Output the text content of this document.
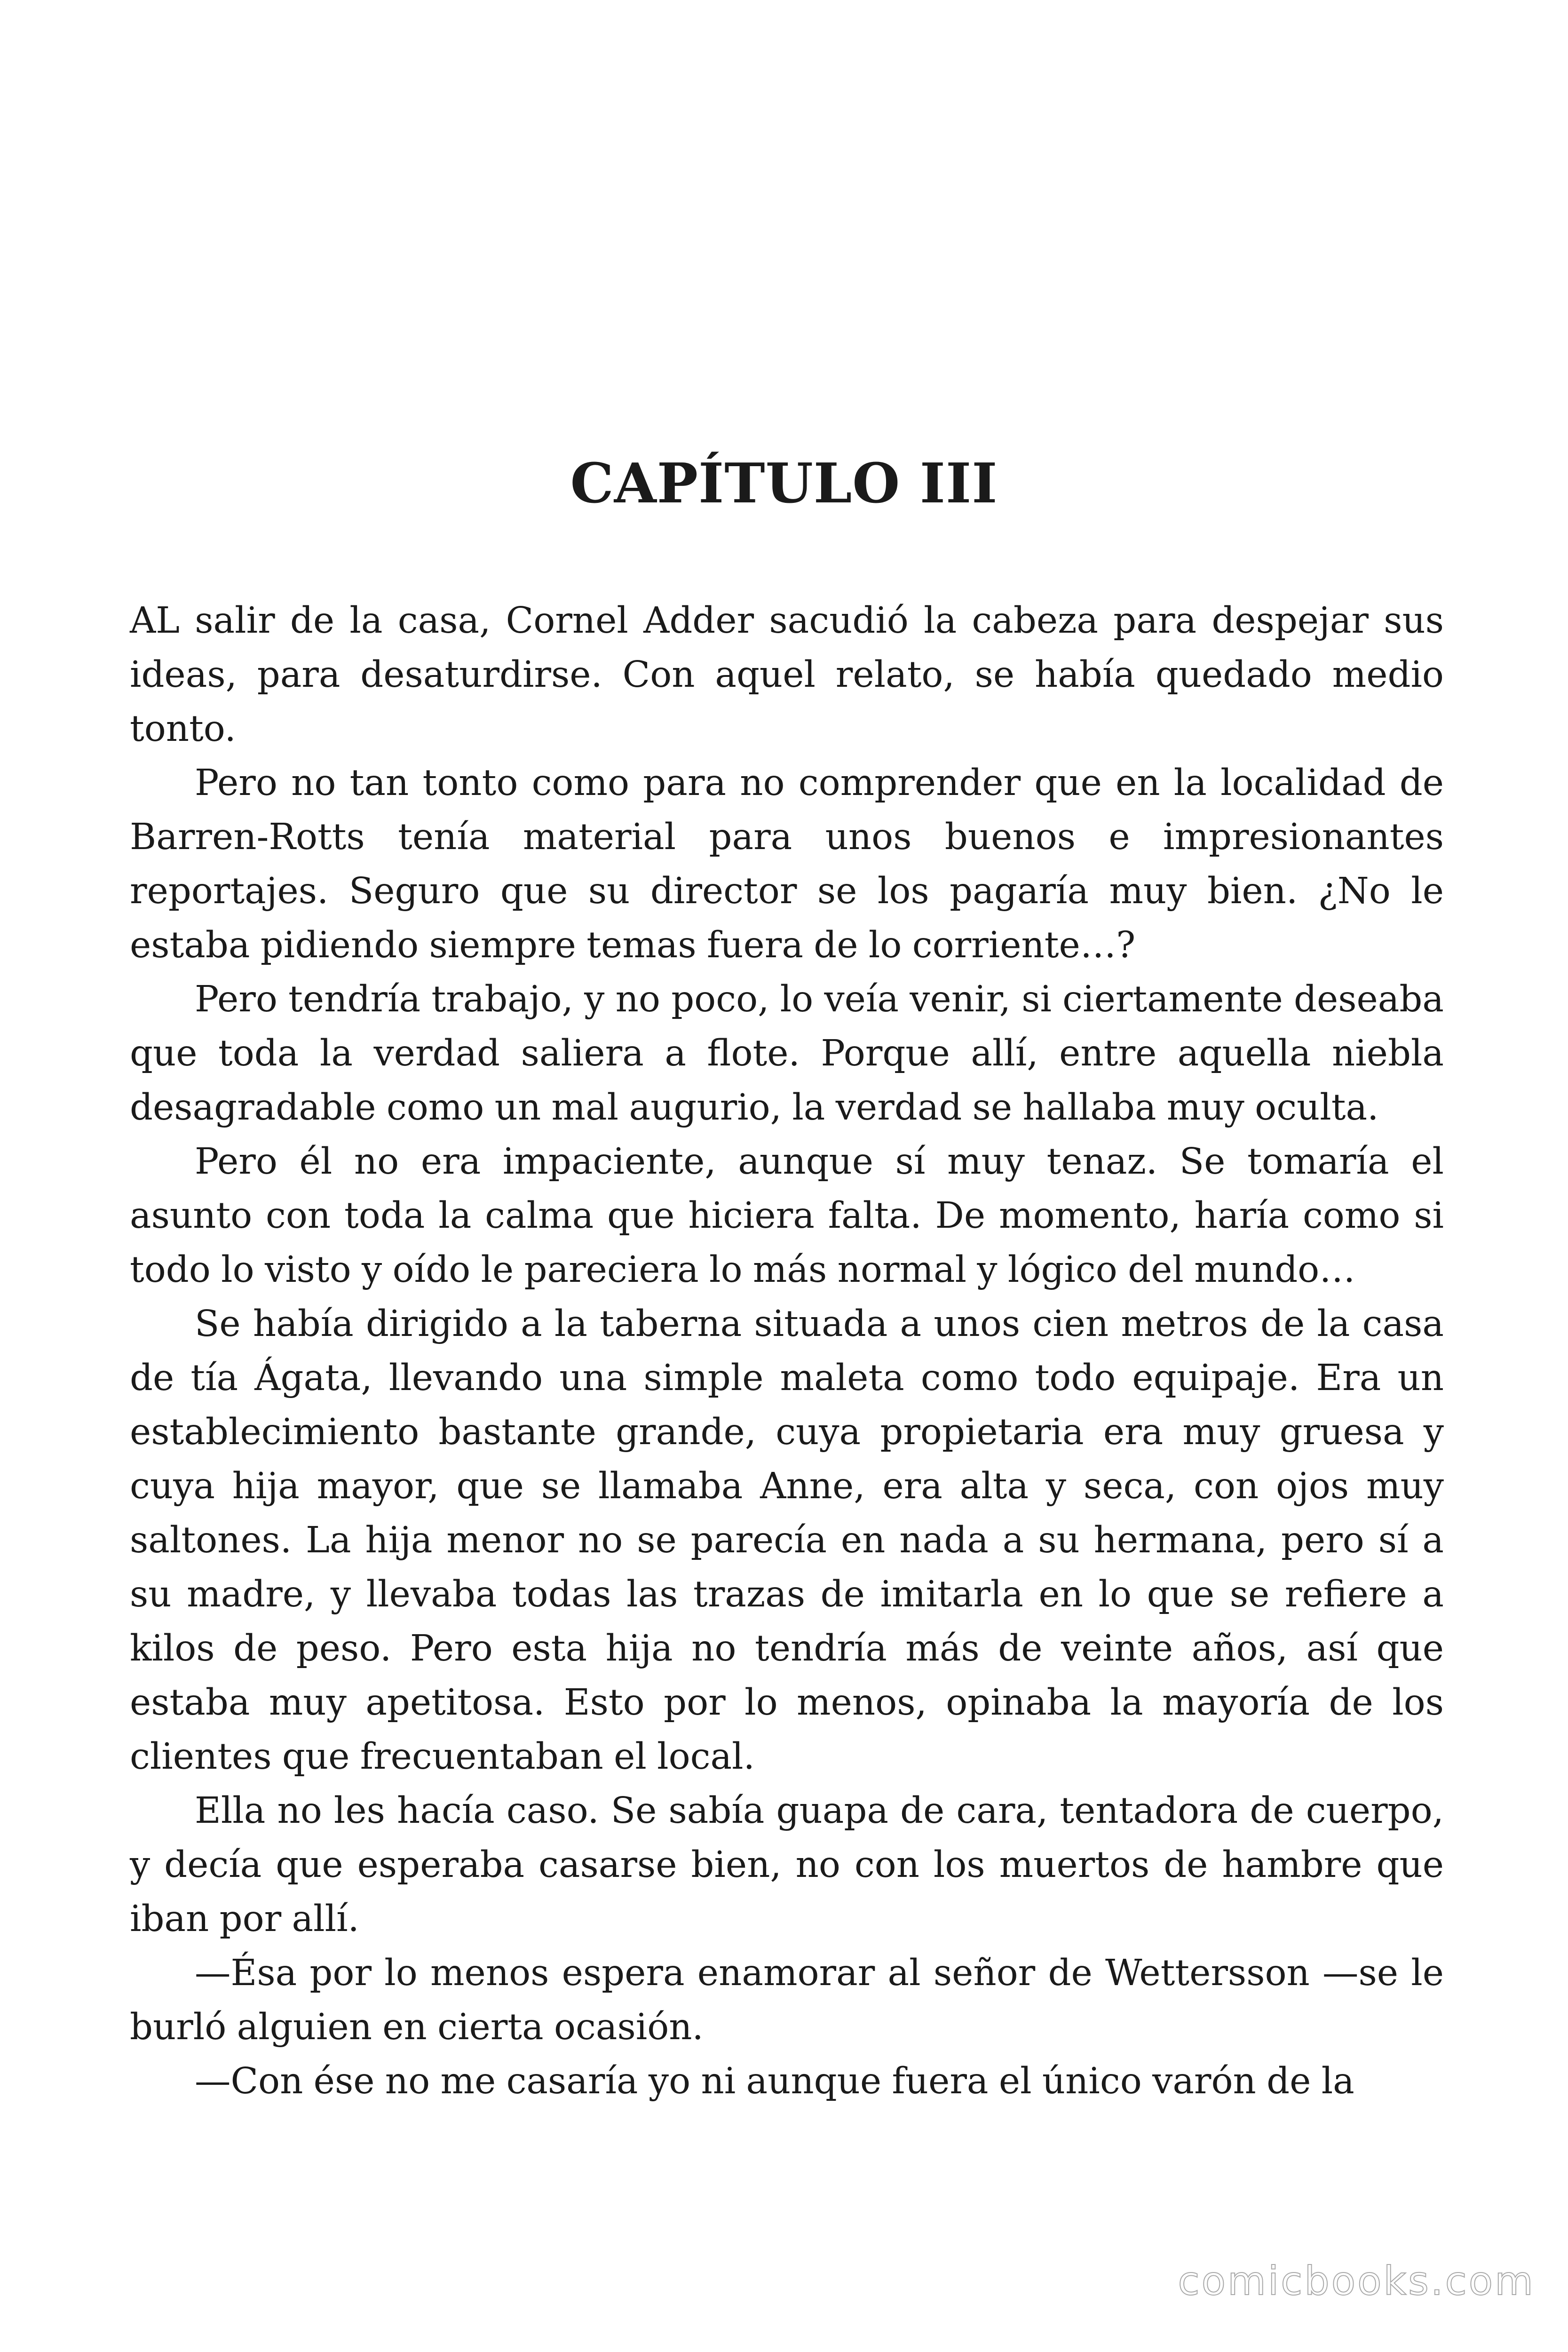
CAPÍTULO III

AL salir de la casa, Cornel Adder sacudió la cabeza para despejar sus ideas, para desaturdirse. Con aquel relato, se había quedado medio tonto.

Pero no tan tonto como para no comprender que en la localidad de Barren-Rotts tenía material para unos buenos e impresionantes reportajes. Seguro que su director se los pagaría muy bien. ¿No le estaba pidiendo siempre temas fuera de lo corriente…?

Pero tendría trabajo, y no poco, lo veía venir, si ciertamente deseaba que toda la verdad saliera a flote. Porque allí, entre aquella niebla desagradable como un mal augurio, la verdad se hallaba muy oculta.

Pero él no era impaciente, aunque sí muy tenaz. Se tomaría el asunto con toda la calma que hiciera falta. De momento, haría como si todo lo visto y oído le pareciera lo más normal y lógico del mundo…

Se había dirigido a la taberna situada a unos cien metros de la casa de tía Ágata, llevando una simple maleta como todo equipaje. Era un establecimiento bastante grande, cuya propietaria era muy gruesa y cuya hija mayor, que se llamaba Anne, era alta y seca, con ojos muy saltones. La hija menor no se parecía en nada a su hermana, pero sí a su madre, y llevaba todas las trazas de imitarla en lo que se refiere a kilos de peso. Pero esta hija no tendría más de veinte años, así que estaba muy apetitosa. Esto por lo menos, opinaba la mayoría de los clientes que frecuentaban el local.

Ella no les hacía caso. Se sabía guapa de cara, tentadora de cuerpo, y decía que esperaba casarse bien, no con los muertos de hambre que iban por allí.

—Ésa por lo menos espera enamorar al señor de Wettersson —se le burló alguien en cierta ocasión.

—Con ése no me casaría yo ni aunque fuera el único varón de la

comicbooks.com
